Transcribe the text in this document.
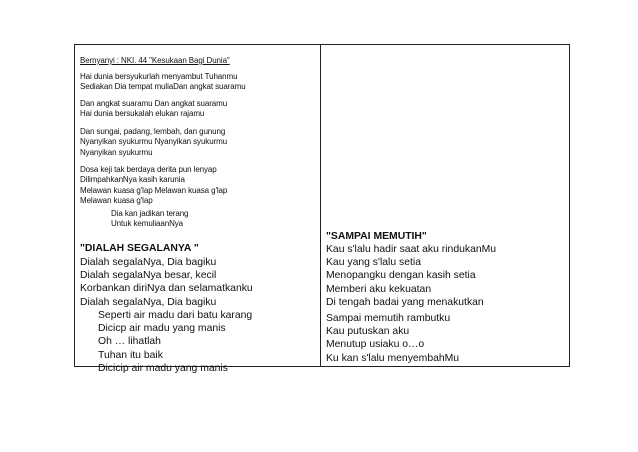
Bernyanyi : NKI. 44 "Kesukaan Bagi Dunia"

Hai dunia bersyukurlah menyambut Tuhanmu
Sediakan Dia tempat muliaDan angkat suaramu

Dan angkat suaramu Dan angkat suaramu
Hai dunia bersukalah elukan rajamu

Dan sungai, padang, lembah, dan gunung
Nyanyikan syukurmu Nyanyikan syukurmu
Nyanyikan syukurmu

Dosa keji tak berdaya derita pun lenyap
DilimpahkanNya kasih karunia
Melawan kuasa g'lap Melawan kuasa g'lap
Melawan kuasa g'lap

Dia kan jadikan terang
Untuk kemuliaanNya

"DIALAH SEGALANYA "

Dialah segalaNya, Dia bagiku
Dialah segalaNya besar, kecil
Korbankan diriNya dan selamatkanku
Dialah segalaNya, Dia bagiku

Seperti air madu dari batu karang
Dicicp air madu yang manis
Oh … lihatlah
Tuhan itu baik
Dicicip air madu yang manis

"SAMPAI MEMUTIH"

Kau s'lalu hadir saat aku rindukanMu
Kau yang s'lalu setia
Menopangku dengan kasih setia
Memberi aku kekuatan
Di tengah badai yang menakutkan

Sampai memutih rambutku
Kau putuskan aku
Menutup usiaku o…o
Ku kan s'lalu menyembahMu
